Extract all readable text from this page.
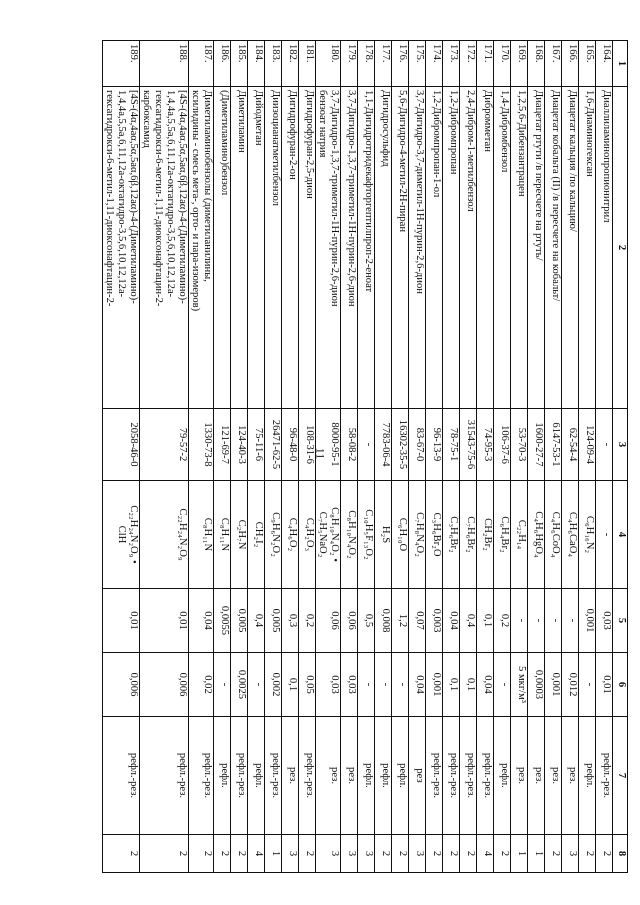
11
1	2	3	4	5	6	7	8
164.	Диаллиламинопропионитрил	-	-	0,03	0,01	рефл.-рез.	2
165.	1,6-Диаминогексан	124-09-4	C₆H₁₆N₂	0,001	-	рефл.	2
166.	Диацетат кальция /по кальцию/	62-54-4	C₄H₆CaO₄	-	0,012	рез.	3
167.	Диацетат кобальта (II) /в пересчете на кобальт/	6147-53-1	C₄H₆CoO₄	-	0,001	рез.	2
168.	Диацетат ртути /в пересчете на ртуть/	1600-27-7	C₄H₆HgO₄	-	0,0003	рез.	1
169.	1,2,5,6-Дибензантрацен	53-70-3	C₂₂H₁₄	-	5 мкг/м³	рез.	1
170.	1,4-Дибромбензол	106-37-6	C₆H₄Br₂	0,2	-	рефл.	2
171.	Дибромметан	74-95-3	CH₂Br₂	0,1	0,04	рефл.-рез.	4
172.	2,4-Дибром-1-метилбензол	31543-75-6	C₇H₆Br₂	0,4	0,1	рефл.-рез.	2
173.	1,2-Дибромпропан	78-75-1	C₃H₆Br₂	0,04	0,1	рефл.-рез.	2
174.	1,2-Дибромпропан-1-ол	96-13-9	C₃H₆Br₂O	0,003	0,001	рефл.-рез.	2
175.	3,7-Дигидро-3,7-диметил-1Н-пурин-2,6-дион	83-67-0	C₇H₈N₄O₂	0,07	0,04	рез	3
176.	5,6-Дигидро-4-метил-2Н-пиран	16302-35-5	C₆H₁₀O	1,2	-	рефл.	2
177.	Дигидросульфид	7783-06-4	H₂S	0,008	-	рефл.	2
178.	1,1-Дигидротридекафторгептилпроп-2-еноат	-	C₁₀H₅F₁₃O₂	0,5	-	рефл.	3
179.	3,7-Дигидро-1,3,7-триметил-1Н-пурин-2,6-дион	58-08-2	C₈H₁₀N₄O₂	0,06	0,03	рез.	3
180.	3,7-Дигидро-1,3,7-триметил-1Н-пурин-2,6-дион
бензоат натрия	8000-95-1	C₈H₁₀N₄O₂ •
C₇H₅NaO₂	0,06	0,03	рез.	3
181.	Дигидрофуран-2,5-дион	108-31-6	C₄H₂O₃	0,2	0,05	рефл.-рез.	2
182.	Дигидрофуран-2-он	96-48-0	C₄H₆O₂	0,3	0,1	рез.	3
183.	Диизоцианатметилбензол	26471-62-5	C₉H₆N₂O₂	0,005	0,002	рефл.-рез.	1
184.	Дийодметан	75-11-6	CH₂I₂	0,4	-	рефл.	4
185.	Диметиламин	124-40-3	C₂H₇N	0,005	0,0025	рефл.-рез.	2
186.	(Диметиламино)бензол	121-69-7	C₈H₁₁N	0,0055	-	рефл.	2
187.	Диметиламинобензолы (диметиланилины,
ксилидины - смесь мета-, орто- и пара-изомеров)	1330-73-8	C₈H₁₁N	0,04	0,02	рефл.-рез.	2
188.	[4S-(4α,4аα,5α,5аα,6β,12аα)-4-(Диметиламино)-
1,4,4а,5,5а,6,11,12а-октагидро-3,5,6,10,12,12а-
гексагидрокси-6-метил-1,11-диоксонафтацин-2-
карбоксамид	79-57-2	C₂₂H₂₄N₂O₉	0,01	0,006	рефл.-рез.	2
189.	[4S-(4α,4аα,5α,5аα,6β,12аα)-4-(Диметиламино)-
1,4,4а,5,5а,6,11,12а-октагидро-3,5,6,10,12,12а-
гексагидрокси-6-метил-1,11-диоксонафтацин-2-	2058-46-0	C₂₂H₂₄N₂O₉ •
ClH	0,01	0,006	рефл.-рез.	2
